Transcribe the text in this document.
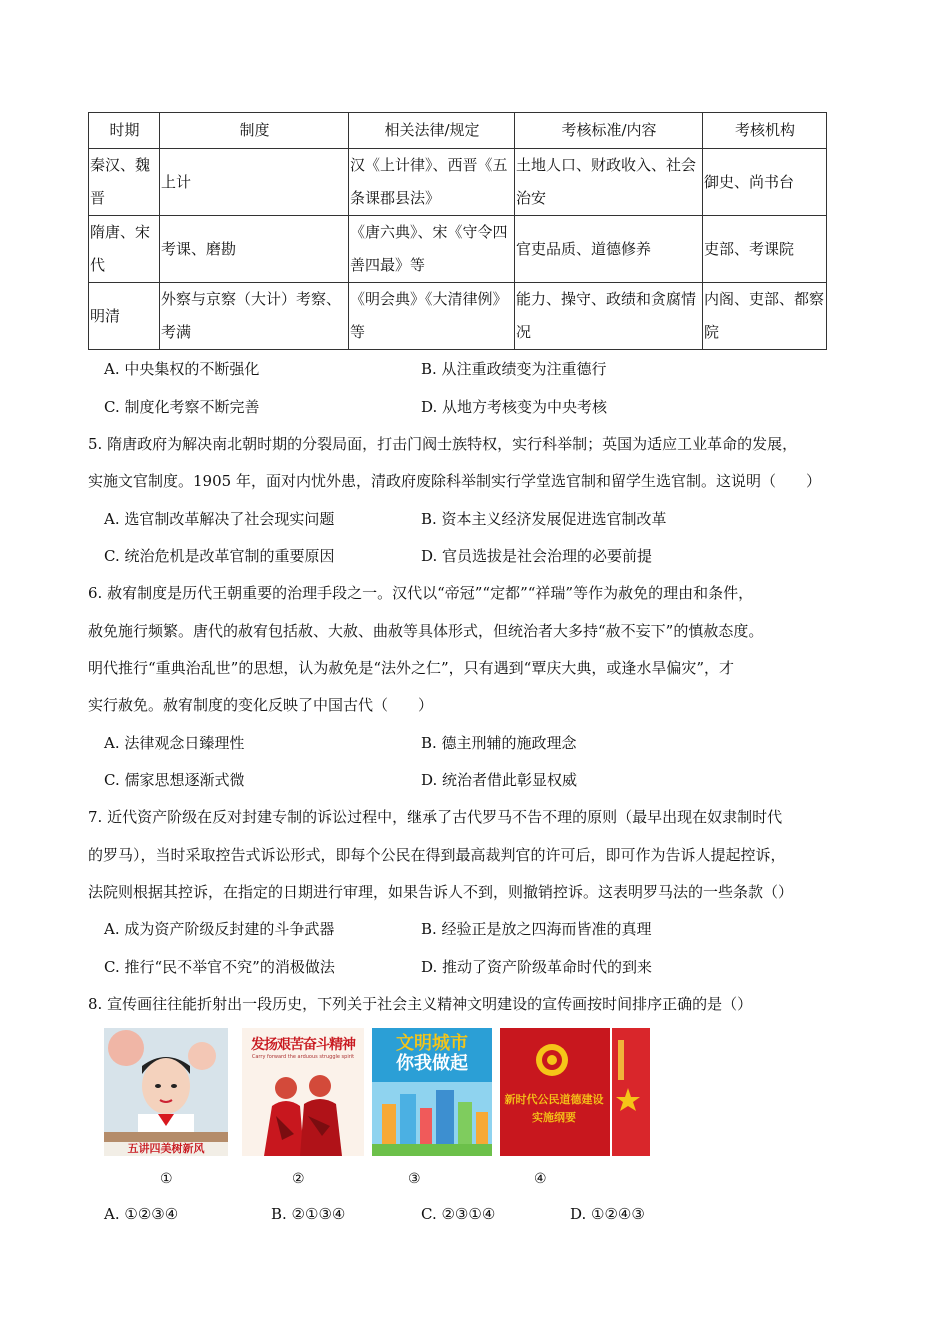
时期	制度	相关法律/规定	考核标准/内容	考核机构
秦汉、魏晋	上计	汉《上计律》、西晋《五条课郡县法》	土地人口、财政收入、社会治安	御史、尚书台
隋唐、宋代	考课、磨勘	《唐六典》、宋《守令四善四最》等	官吏品质、道德修养	吏部、考课院
明清	外察与京察（大计）考察、考满	《明会典》《大清律例》等	能力、操守、政绩和贪腐情况	内阁、吏部、都察院
A. 中央集权的不断强化	B. 从注重政绩变为注重德行
C. 制度化考察不断完善	D. 从地方考核变为中央考核
5. 隋唐政府为解决南北朝时期的分裂局面，打击门阀士族特权，实行科举制；英国为适应工业革命的发展，
实施文官制度。1905 年，面对内忧外患，清政府废除科举制实行学堂选官制和留学生选官制。这说明（　　）
A. 选官制改革解决了社会现实问题	B. 资本主义经济发展促进选官制改革
C. 统治危机是改革官制的重要原因	D. 官员选拔是社会治理的必要前提
6. 赦宥制度是历代王朝重要的治理手段之一。汉代以“帝冠”“定都”“祥瑞”等作为赦免的理由和条件，
赦免施行频繁。唐代的赦宥包括赦、大赦、曲赦等具体形式，但统治者大多持“赦不妄下”的慎赦态度。
明代推行“重典治乱世”的思想，认为赦免是“法外之仁”，只有遇到“覃庆大典，或逢水旱偏灾”，才
实行赦免。赦宥制度的变化反映了中国古代（　　）
A. 法律观念日臻理性	B. 德主刑辅的施政理念
C. 儒家思想逐渐式微	D. 统治者借此彰显权威
7. 近代资产阶级在反对封建专制的诉讼过程中，继承了古代罗马不告不理的原则（最早出现在奴隶制时代
的罗马），当时采取控告式诉讼形式，即每个公民在得到最高裁判官的许可后，即可作为告诉人提起控诉，
法院则根据其控诉，在指定的日期进行审理，如果告诉人不到，则撤销控诉。这表明罗马法的一些条款（）
A. 成为资产阶级反封建的斗争武器	B. 经验正是放之四海而皆准的真理
C. 推行“民不举官不究”的消极做法	D. 推动了资产阶级革命时代的到来
8. 宣传画往往能折射出一段历史，下列关于社会主义精神文明建设的宣传画按时间排序正确的是（）
五讲四美树新风
发扬艰苦奋斗精神
Carry forward the arduous struggle spirit
文明城市
你我做起
新时代公民道德建设
实施纲要
①	②	③	④
A. ①②③④	B. ②①③④	C. ②③①④	D. ①②④③
